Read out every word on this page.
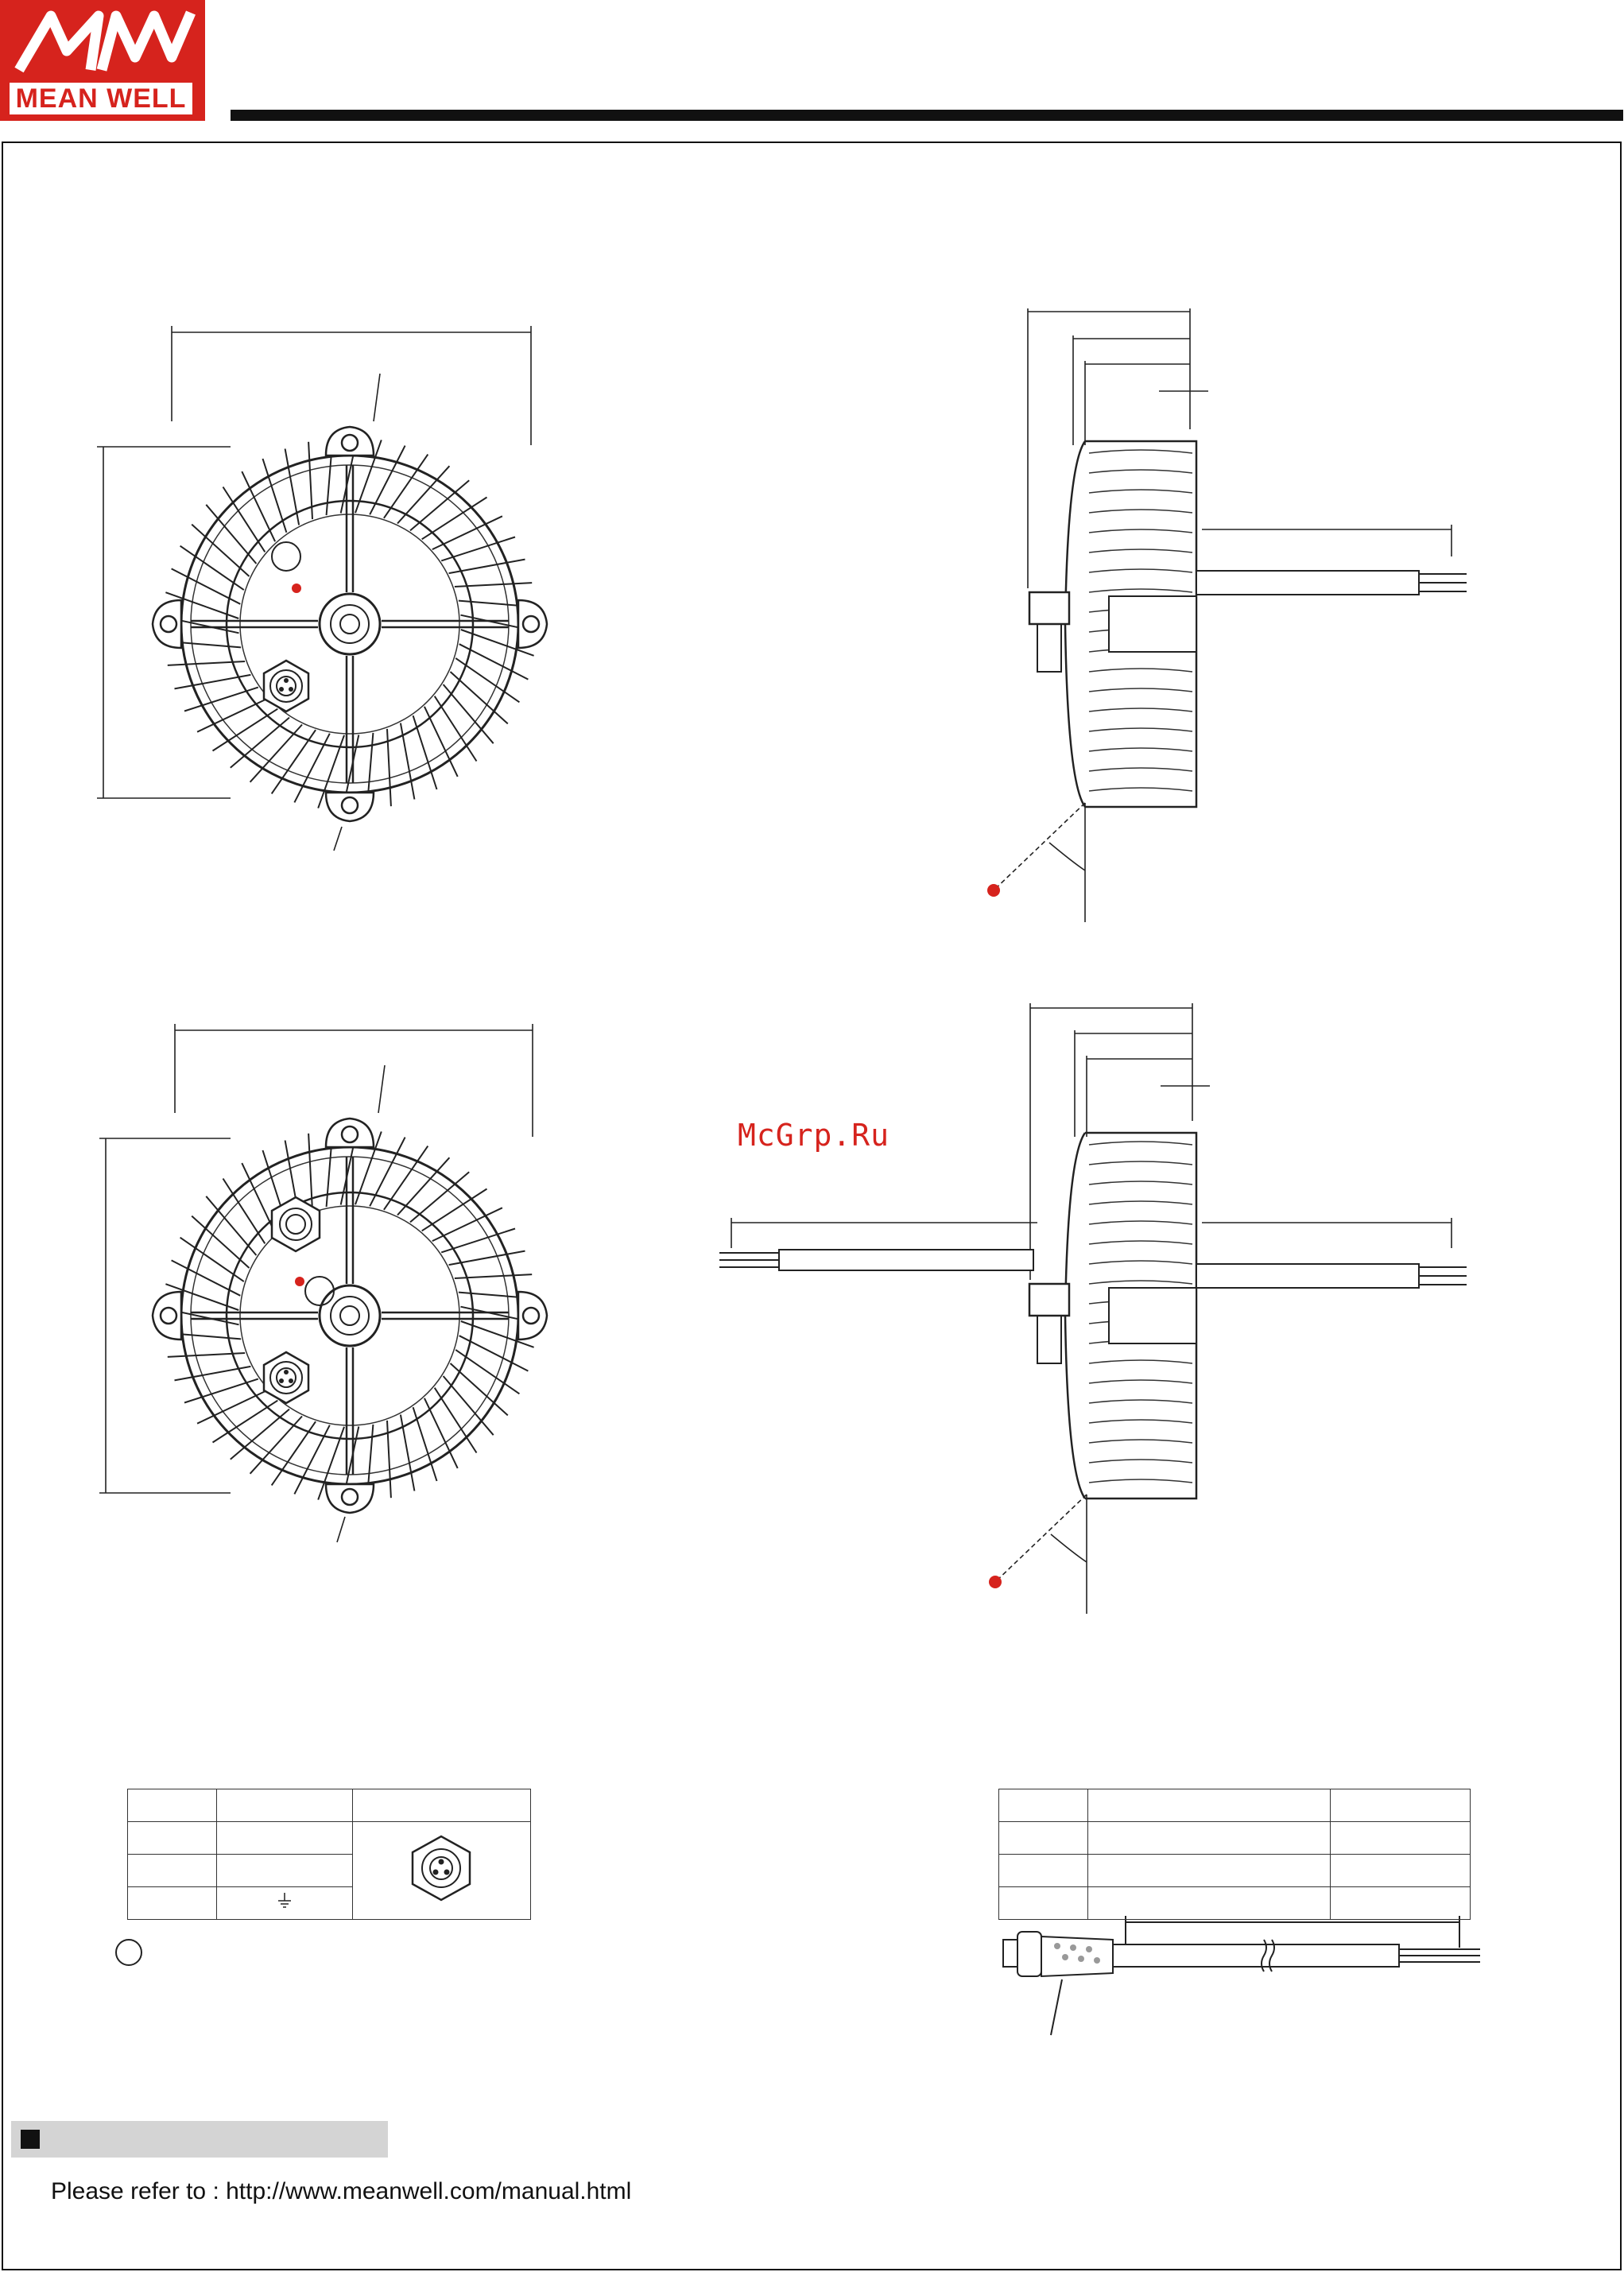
MEAN WELL
McGrp.Ru

Please refer to : http://www.meanwell.com/manual.html
